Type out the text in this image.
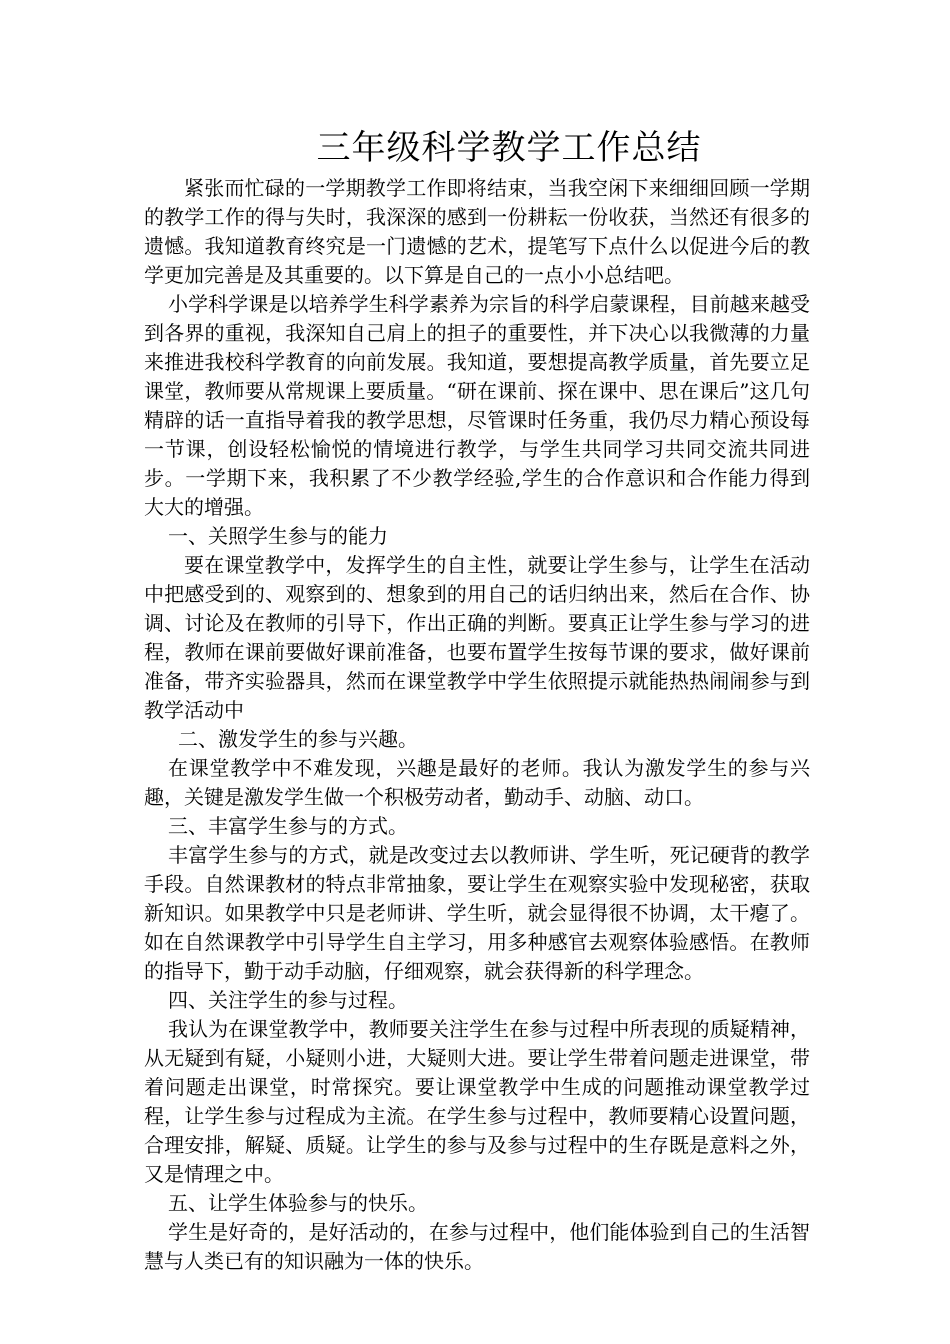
三年级科学教学工作总结

紧张而忙碌的一学期教学工作即将结束，当我空闲下来细细回顾一学期的教学工作的得与失时，我深深的感到一份耕耘一份收获，当然还有很多的遗憾。我知道教育终究是一门遗憾的艺术，提笔写下点什么以促进今后的教学更加完善是及其重要的。以下算是自己的一点小小总结吧。

小学科学课是以培养学生科学素养为宗旨的科学启蒙课程，目前越来越受到各界的重视，我深知自己肩上的担子的重要性，并下决心以我微薄的力量来推进我校科学教育的向前发展。我知道，要想提高教学质量，首先要立足课堂，教师要从常规课上要质量。“研在课前、探在课中、思在课后”这几句精辟的话一直指导着我的教学思想，尽管课时任务重，我仍尽力精心预设每一节课，创设轻松愉悦的情境进行教学，与学生共同学习共同交流共同进步。一学期下来，我积累了不少教学经验,学生的合作意识和合作能力得到大大的增强。

一、关照学生参与的能力

要在课堂教学中，发挥学生的自主性，就要让学生参与，让学生在活动中把感受到的、观察到的、想象到的用自己的话归纳出来，然后在合作、协调、讨论及在教师的引导下，作出正确的判断。要真正让学生参与学习的进程，教师在课前要做好课前准备，也要布置学生按每节课的要求，做好课前准备，带齐实验器具，然而在课堂教学中学生依照提示就能热热闹闹参与到教学活动中

二、激发学生的参与兴趣。

在课堂教学中不难发现，兴趣是最好的老师。我认为激发学生的参与兴趣，关键是激发学生做一个积极劳动者，勤动手、动脑、动口。

三、丰富学生参与的方式。

丰富学生参与的方式，就是改变过去以教师讲、学生听，死记硬背的教学手段。自然课教材的特点非常抽象，要让学生在观察实验中发现秘密，获取新知识。如果教学中只是老师讲、学生听，就会显得很不协调，太干瘪了。如在自然课教学中引导学生自主学习，用多种感官去观察体验感悟。在教师的指导下，勤于动手动脑，仔细观察，就会获得新的科学理念。

四、关注学生的参与过程。

我认为在课堂教学中，教师要关注学生在参与过程中所表现的质疑精神，从无疑到有疑，小疑则小进，大疑则大进。要让学生带着问题走进课堂，带着问题走出课堂，时常探究。要让课堂教学中生成的问题推动课堂教学过程，让学生参与过程成为主流。在学生参与过程中，教师要精心设置问题，合理安排，解疑、质疑。让学生的参与及参与过程中的生存既是意料之外，又是情理之中。

五、让学生体验参与的快乐。

学生是好奇的，是好活动的，在参与过程中，他们能体验到自己的生活智慧与人类已有的知识融为一体的快乐。
